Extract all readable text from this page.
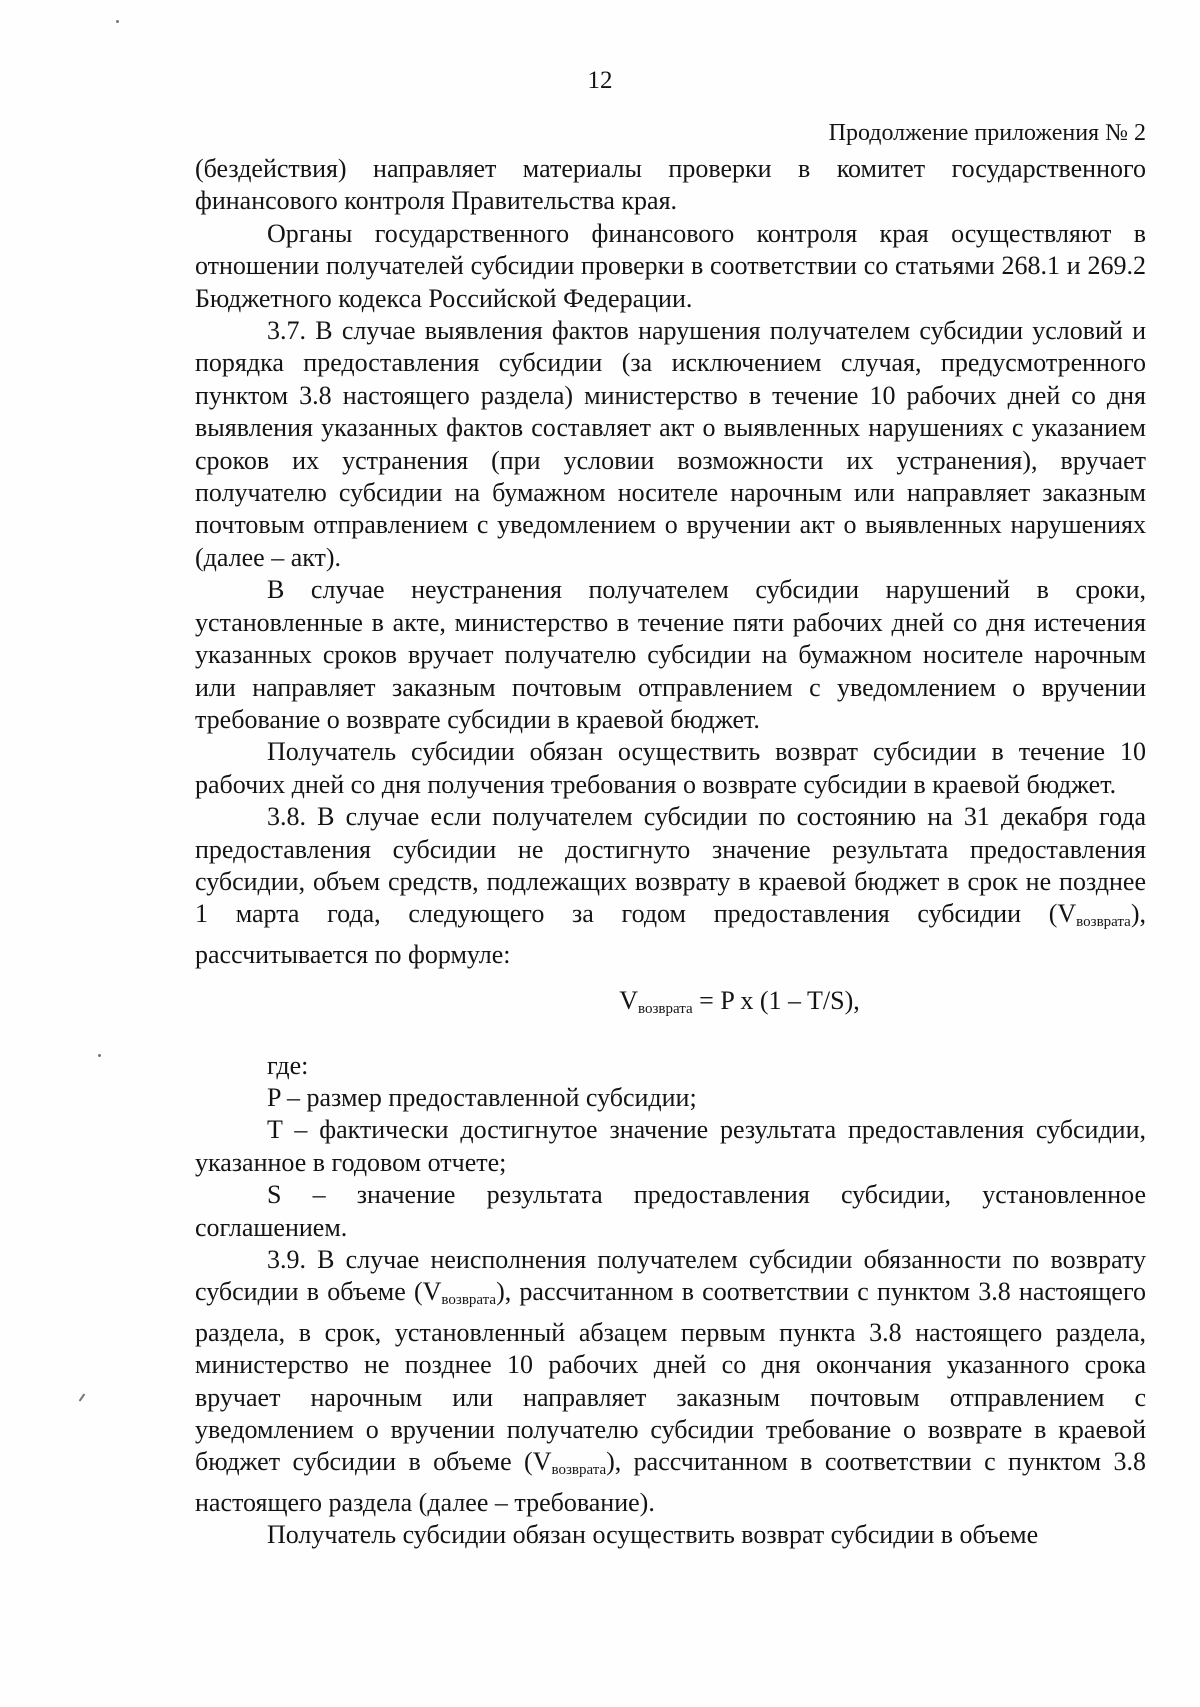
12
Продолжение приложения № 2

(бездействия) направляет материалы проверки в комитет государственного финансового контроля Правительства края.

Органы государственного финансового контроля края осуществляют в отношении получателей субсидии проверки в соответствии со статьями 268.1 и 269.2 Бюджетного кодекса Российской Федерации.

3.7. В случае выявления фактов нарушения получателем субсидии условий и порядка предоставления субсидии (за исключением случая, предусмотренного пунктом 3.8 настоящего раздела) министерство в течение 10 рабочих дней со дня выявления указанных фактов составляет акт о выявленных нарушениях с указанием сроков их устранения (при условии возможности их устранения), вручает получателю субсидии на бумажном носителе нарочным или направляет заказным почтовым отправлением с уведомлением о вручении акт о выявленных нарушениях (далее – акт).

В случае неустранения получателем субсидии нарушений в сроки, установленные в акте, министерство в течение пяти рабочих дней со дня истечения указанных сроков вручает получателю субсидии на бумажном носителе нарочным или направляет заказным почтовым отправлением с уведомлением о вручении требование о возврате субсидии в краевой бюджет.

Получатель субсидии обязан осуществить возврат субсидии в течение 10 рабочих дней со дня получения требования о возврате субсидии в краевой бюджет.

3.8. В случае если получателем субсидии по состоянию на 31 декабря года предоставления субсидии не достигнуто значение результата предоставления субсидии, объем средств, подлежащих возврату в краевой бюджет в срок не позднее 1 марта года, следующего за годом предоставления субсидии $(V_{возврата})$, рассчитывается по формуле:

$V_{возврата} = P$ x (1 – T/S),

где:

P – размер предоставленной субсидии;

T – фактически достигнутое значение результата предоставления субсидии, указанное в годовом отчете;

S – значение результата предоставления субсидии, установленное соглашением.

3.9. В случае неисполнения получателем субсидии обязанности по возврату субсидии в объеме $(V_{возврата})$, рассчитанном в соответствии с пунктом 3.8 настоящего раздела, в срок, установленный абзацем первым пункта 3.8 настоящего раздела, министерство не позднее 10 рабочих дней со дня окончания указанного срока вручает нарочным или направляет заказным почтовым отправлением с уведомлением о вручении получателю субсидии требование о возврате в краевой бюджет субсидии в объеме $(V_{возврата})$, рассчитанном в соответствии с пунктом 3.8 настоящего раздела (далее – требование).

Получатель субсидии обязан осуществить возврат субсидии в объеме
